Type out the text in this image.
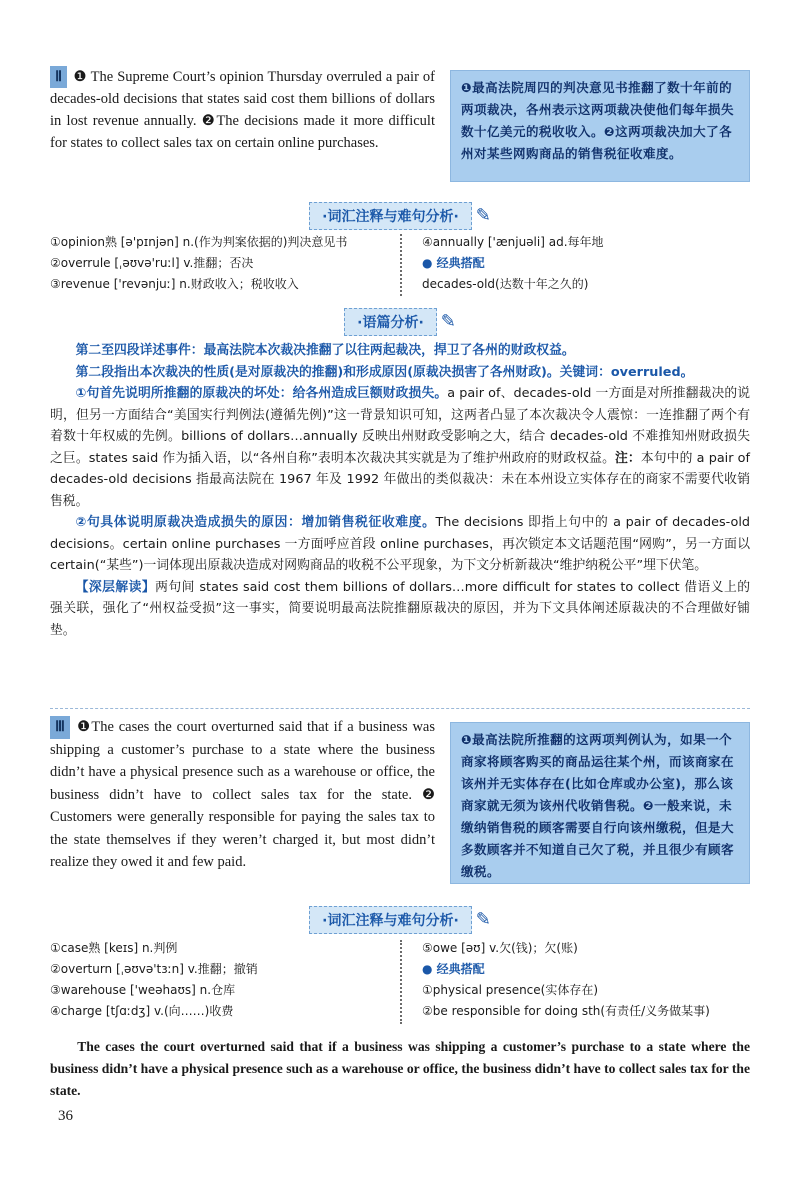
Ⅱ ❶ The Supreme Court’s opinion Thursday overruled a pair of decades-old decisions that states said cost them billions of dollars in lost revenue annually. ❷The decisions made it more difficult for states to collect sales tax on certain online purchases.
❶最高法院周四的判决意见书推翻了数十年前的两项裁决，各州表示这两项裁决使他们每年损失数十亿美元的税收收入。❷这两项裁决加大了各州对某些网购商品的销售税征收难度。
·词汇注释与难句分析· ✎
①opinion熟 [ə'pɪnjən] n.(作为判案依据的)判决意见书
②overrule [ˌəʊvə'ruːl] v.推翻；否决
③revenue ['revənjuː] n.财政收入；税收收入
④annually ['ænjuəli] ad.每年地
● 经典搭配
decades-old(达数十年之久的)
·语篇分析· ✎

第二至四段详述事件：最高法院本次裁决推翻了以往两起裁决，捍卫了各州的财政权益。

第二段指出本次裁决的性质(是对原裁决的推翻)和形成原因(原裁决损害了各州财政)。关键词：overruled。

①句首先说明所推翻的原裁决的坏处：给各州造成巨额财政损失。a pair of、decades-old 一方面是对所推翻裁决的说明，但另一方面结合“美国实行判例法(遵循先例)”这一背景知识可知，这两者凸显了本次裁决令人震惊：一连推翻了两个有着数十年权威的先例。billions of dollars…annually 反映出州财政受影响之大，结合 decades-old 不难推知州财政损失之巨。states said 作为插入语，以“各州自称”表明本次裁决其实就是为了维护州政府的财政权益。注：本句中的 a pair of decades-old decisions 指最高法院在 1967 年及 1992 年做出的类似裁决：未在本州设立实体存在的商家不需要代收销售税。

②句具体说明原裁决造成损失的原因：增加销售税征收难度。The decisions 即指上句中的 a pair of decades-old decisions。certain online purchases 一方面呼应首段 online purchases，再次锁定本文话题范围“网购”，另一方面以 certain(“某些”)一词体现出原裁决造成对网购商品的收税不公平现象，为下文分析新裁决“维护纳税公平”埋下伏笔。

【深层解读】两句间 states said cost them billions of dollars…more difficult for states to collect 借语义上的强关联，强化了“州权益受损”这一事实，简要说明最高法院推翻原裁决的原因，并为下文具体阐述原裁决的不合理做好铺垫。

Ⅲ ❶The cases the court overturned said that if a business was shipping a customer’s purchase to a state where the business didn’t have a physical presence such as a warehouse or office, the business didn’t have to collect sales tax for the state. ❷ Customers were generally responsible for paying the sales tax to the state themselves if they weren’t charged it, but most didn’t realize they owed it and few paid.
❶最高法院所推翻的这两项判例认为，如果一个商家将顾客购买的商品运往某个州，而该商家在该州并无实体存在(比如仓库或办公室)，那么该商家就无须为该州代收销售税。❷一般来说，未缴纳销售税的顾客需要自行向该州缴税，但是大多数顾客并不知道自己欠了税，并且很少有顾客缴税。
·词汇注释与难句分析· ✎
①case熟 [keɪs] n.判例
②overturn [ˌəʊvə'tɜːn] v.推翻；撤销
③warehouse ['weəhaʊs] n.仓库
④charge [tʃɑːdʒ] v.(向……)收费
⑤owe [əʊ] v.欠(钱)；欠(账)
● 经典搭配
①physical presence(实体存在)
②be responsible for doing sth(有责任/义务做某事)
The cases the court overturned said that if a business was shipping a customer’s purchase to a state where the business didn’t have a physical presence such as a warehouse or office, the business didn’t have to collect sales tax for the state.
36
